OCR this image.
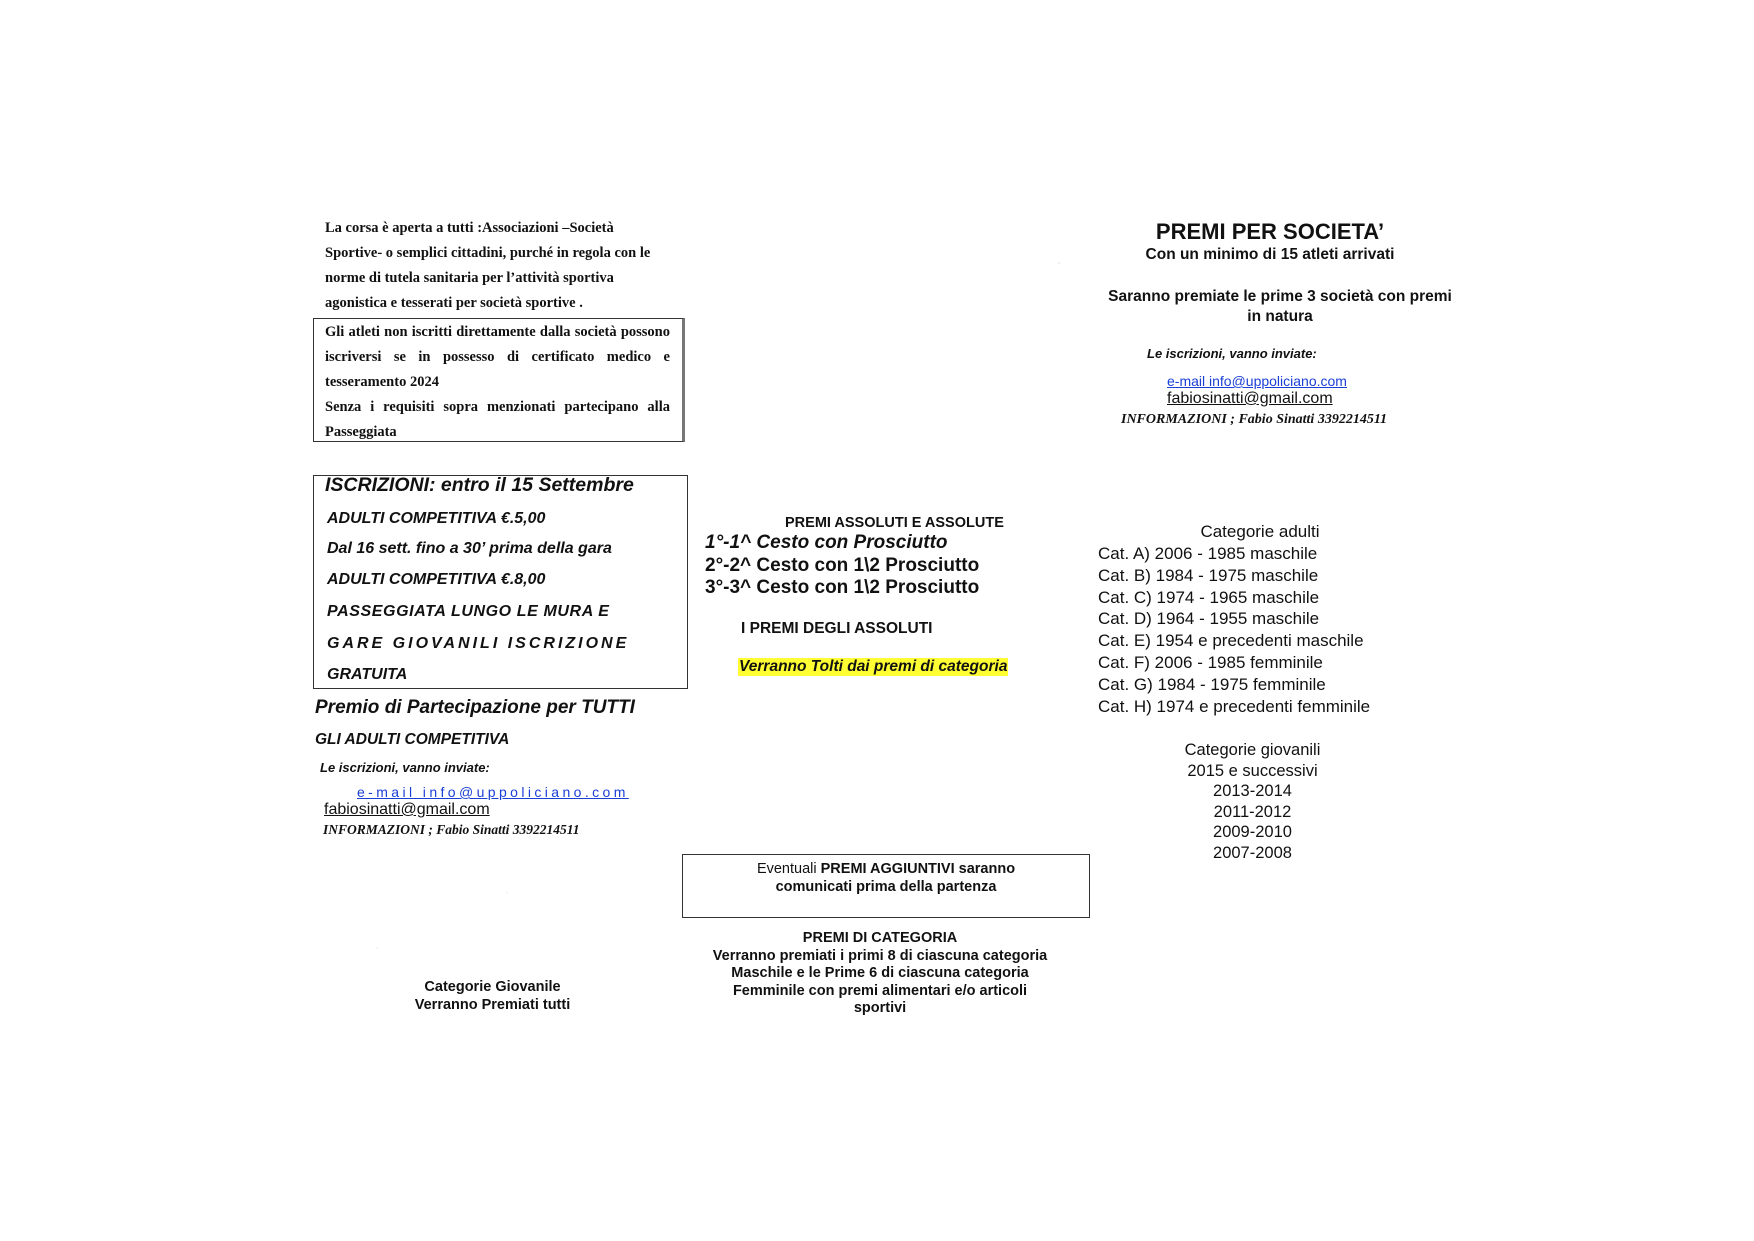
La corsa è aperta a tutti :Associazioni –Società Sportive- o semplici cittadini, purché in regola con le norme di tutela sanitaria per l’attività sportiva agonistica e tesserati per società sportive .
Gli atleti non iscritti direttamente dalla società possono iscriversi se in possesso di certificato medico e tesseramento 2024
Senza i requisiti sopra menzionati partecipano alla Passeggiata
ISCRIZIONI: entro il 15 Settembre
ADULTI COMPETITIVA €.5,00
Dal 16 sett. fino a 30’ prima della gara
ADULTI COMPETITIVA €.8,00
PASSEGGIATA LUNGO LE MURA E
GARE GIOVANILI ISCRIZIONE
GRATUITA
Premio di Partecipazione per TUTTI
GLI ADULTI COMPETITIVA
Le iscrizioni, vanno inviate:
e-mail info@uppoliciano.com
fabiosinatti@gmail.com
INFORMAZIONI ; Fabio Sinatti 3392214511
Categorie Giovanile
Verranno Premiati tutti
·
·
-
PREMI ASSOLUTI E ASSOLUTE
1°-1^ Cesto con Prosciutto
2°-2^ Cesto con 1\2 Prosciutto
3°-3^ Cesto con 1\2 Prosciutto
I PREMI DEGLI ASSOLUTI
Verranno Tolti dai premi di categoria
Eventuali PREMI AGGIUNTIVI saranno
comunicati prima della partenza
PREMI DI CATEGORIA
Verranno premiati i primi 8 di ciascuna categoria Maschile e le Prime 6 di ciascuna categoria Femminile con premi alimentari e/o articoli sportivi
PREMI PER SOCIETA’
Con un minimo di 15 atleti arrivati
Saranno premiate le prime 3 società con premi in natura
Le iscrizioni, vanno inviate:
e-mail info@uppoliciano.com
fabiosinatti@gmail.com
INFORMAZIONI ; Fabio Sinatti 3392214511
Categorie adulti
Cat. A) 2006 - 1985 maschile
Cat. B) 1984 - 1975 maschile
Cat. C) 1974 - 1965 maschile
Cat. D) 1964 - 1955 maschile
Cat. E) 1954 e precedenti maschile
Cat. F) 2006 - 1985 femminile
Cat. G) 1984 - 1975 femminile
Cat. H) 1974 e precedenti femminile
Categorie giovanili
2015 e successivi
2013-2014
2011-2012
2009-2010
2007-2008
